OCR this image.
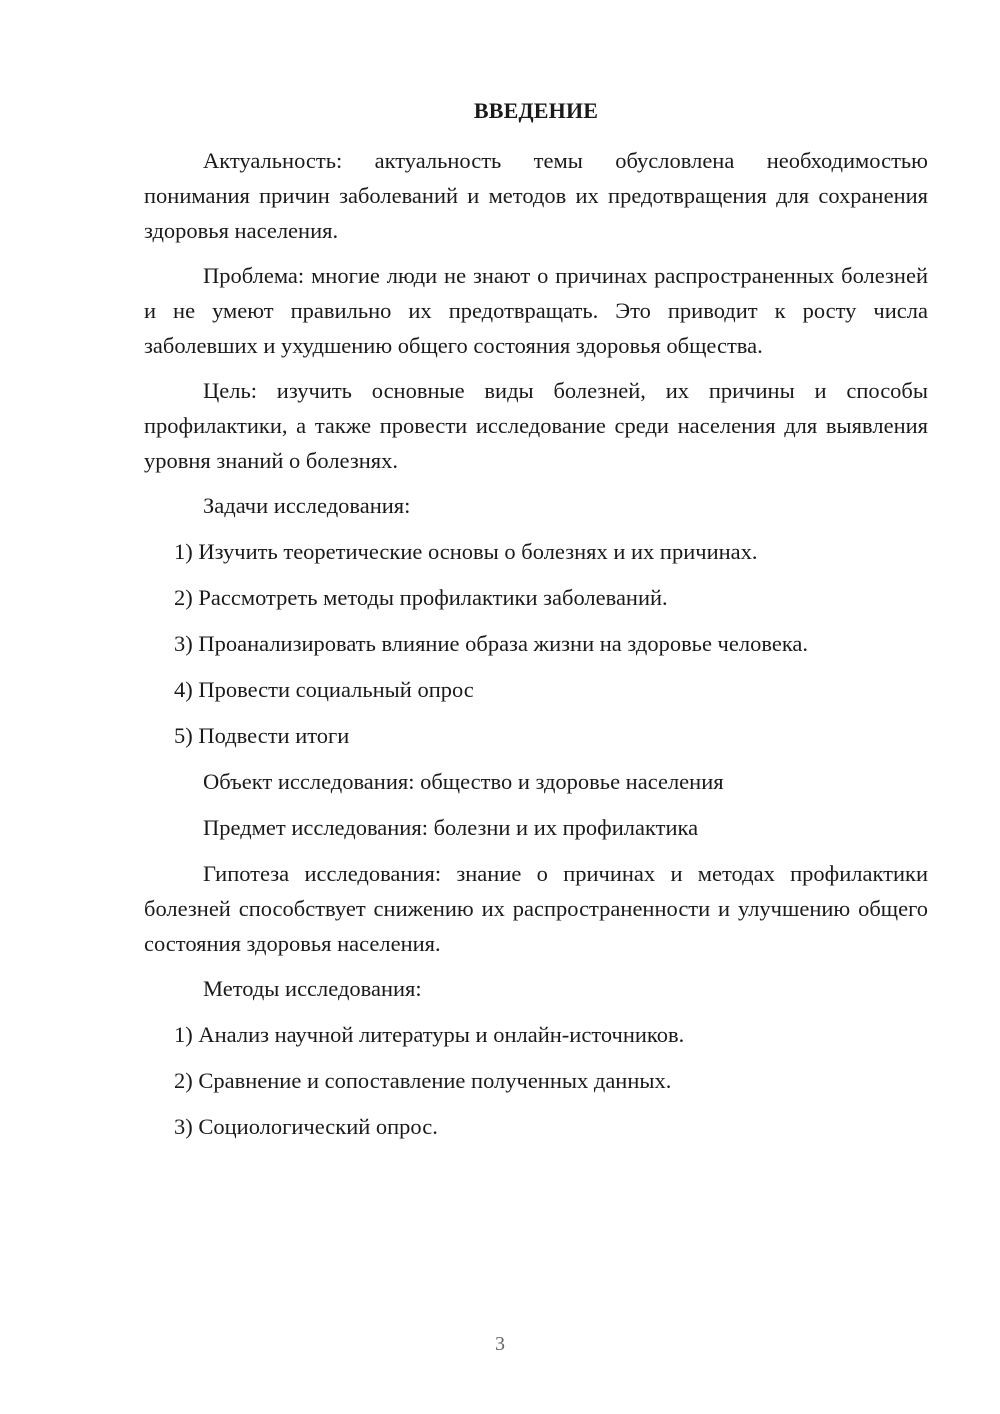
ВВЕДЕНИЕ

Актуальность: актуальность темы обусловлена необходимостью понимания причин заболеваний и методов их предотвращения для сохранения здоровья населения.

Проблема: многие люди не знают о причинах распространенных болезней и не умеют правильно их предотвращать. Это приводит к росту числа заболевших и ухудшению общего состояния здоровья общества.

Цель: изучить основные виды болезней, их причины и способы профилактики, а также провести исследование среди населения для выявления уровня знаний о болезнях.

Задачи исследования:

1) Изучить теоретические основы о болезнях и их причинах.

2) Рассмотреть методы профилактики заболеваний.

3) Проанализировать влияние образа жизни на здоровье человека.

4) Провести социальный опрос

5) Подвести итоги

Объект исследования: общество и здоровье населения

Предмет исследования: болезни и их профилактика

Гипотеза исследования: знание о причинах и методах профилактики болезней способствует снижению их распространенности и улучшению общего состояния здоровья населения.

Методы исследования:

1) Анализ научной литературы и онлайн-источников.

2) Сравнение и сопоставление полученных данных.

3) Социологический опрос.

3
